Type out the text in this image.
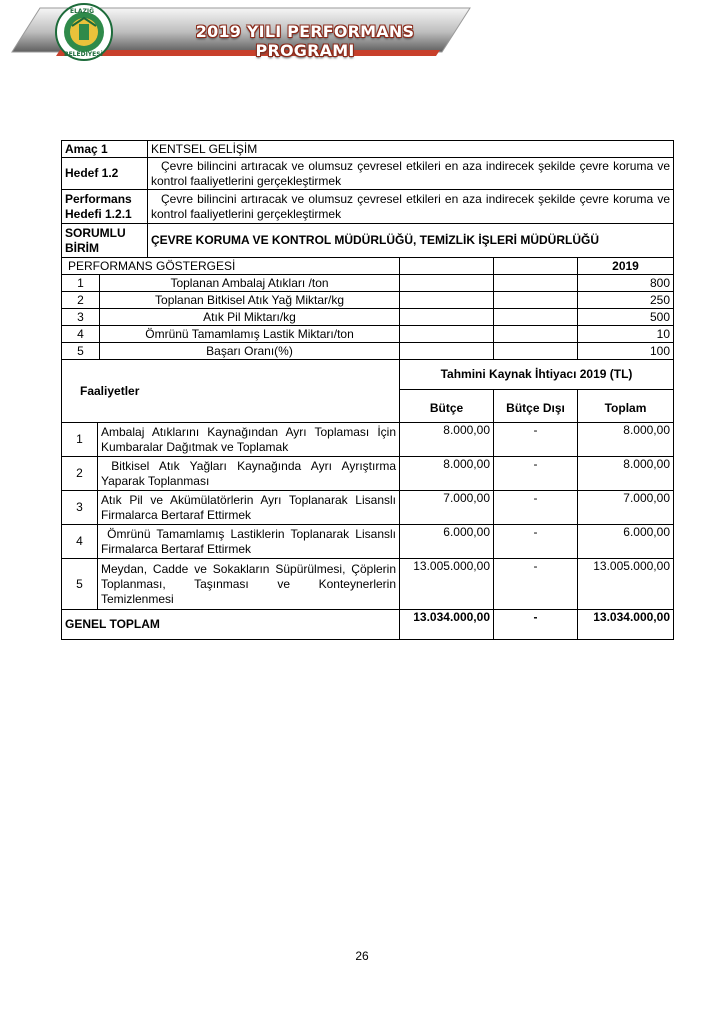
2019 YILI PERFORMANS PROGRAMI
ELAZIĞ
BELEDİYESİ
Amaç 1	KENTSEL GELİŞİM
Hedef 1.2	Çevre bilincini artıracak ve olumsuz çevresel etkileri en aza indirecek şekilde çevre koruma ve kontrol faaliyetlerini gerçekleştirmek

Performans
Hedefi 1.2.1	Çevre bilincini artıracak ve olumsuz çevresel etkileri en aza indirecek şekilde çevre koruma ve kontrol faaliyetlerini gerçekleştirmek

SORUMLU
BİRİM	ÇEVRE KORUMA VE KONTROL MÜDÜRLÜĞÜ, TEMİZLİK İŞLERİ MÜDÜRLÜĞÜ
PERFORMANS GÖSTERGESİ				2019
1	Toplanan Ambalaj Atıkları /ton			800
2	Toplanan Bitkisel Atık Yağ Miktar/kg			250
3	Atık Pil Miktarı/kg			500
4	Ömrünü Tamamlamış Lastik Miktarı/ton			10
5	Başarı Oranı(%)			100
Faaliyetler		Tahmini Kaynak İhtiyacı 2019 (TL)		
		Bütçe	Bütçe Dışı	Toplam
1	Ambalaj Atıklarını Kaynağından Ayrı Toplaması İçin Kumbaralar Dağıtmak ve Toplamak	8.000,00	-	8.000,00
2	Bitkisel Atık Yağları Kaynağında Ayrı Ayrıştırma Yaparak Toplanması	8.000,00	-	8.000,00
3	Atık Pil ve Akümülatörlerin Ayrı Toplanarak Lisanslı Firmalarca Bertaraf Ettirmek	7.000,00	-	7.000,00
4	Ömrünü Tamamlamış Lastiklerin Toplanarak Lisanslı Firmalarca Bertaraf Ettirmek	6.000,00	-	6.000,00
5	Meydan, Cadde ve Sokakların Süpürülmesi, Çöplerin Toplanması, Taşınması ve Konteynerlerin Temizlenmesi	13.005.000,00	-	13.005.000,00
GENEL TOPLAM		13.034.000,00	-	13.034.000,00
26
